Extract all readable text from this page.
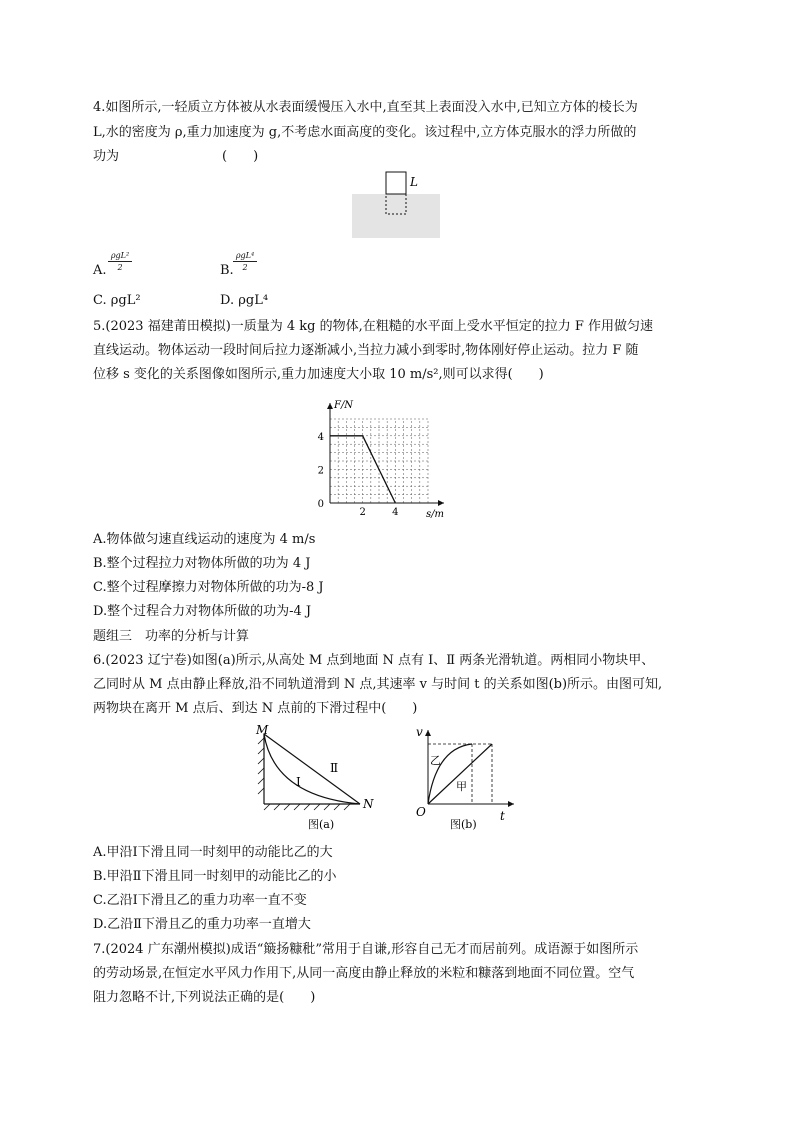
4.如图所示,一轻质立方体被从水表面缓慢压入水中,直至其上表面没入水中,已知立方体的棱长为
L,水的密度为 ρ,重力加速度为 g,不考虑水面高度的变化。该过程中,立方体克服水的浮力所做的
功为	(　　)
L
A.
ρgL²
2	B.
ρgL⁴
2
C. ρgL²	D. ρgL⁴
5.(2023 福建莆田模拟)一质量为 4 kg 的物体,在粗糙的水平面上受水平恒定的拉力 F 作用做匀速
直线运动。物体运动一段时间后拉力逐渐减小,当拉力减小到零时,物体刚好停止运动。拉力 F 随
位移 s 变化的关系图像如图所示,重力加速度大小取 10 m/s²,则可以求得(　　)
s/m
F/N
2	4
0
2
4
A.物体做匀速直线运动的速度为 4 m/s
B.整个过程拉力对物体所做的功为 4 J
C.整个过程摩擦力对物体所做的功为-8 J
D.整个过程合力对物体所做的功为-4 J
题组三　功率的分析与计算
6.(2023 辽宁卷)如图(a)所示,从高处 M 点到地面 N 点有 Ⅰ、Ⅱ 两条光滑轨道。两相同小物块甲、
乙同时从 M 点由静止释放,沿不同轨道滑到 N 点,其速率 v 与时间 t 的关系如图(b)所示。由图可知,
两物块在离开 M 点后、到达 N 点前的下滑过程中(　　)
M
N
Ⅰ
Ⅱ
图(a)
v
t
O
乙
甲
图(b)
A.甲沿Ⅰ下滑且同一时刻甲的动能比乙的大
B.甲沿Ⅱ下滑且同一时刻甲的动能比乙的小
C.乙沿Ⅰ下滑且乙的重力功率一直不变
D.乙沿Ⅱ下滑且乙的重力功率一直增大
7.(2024 广东潮州模拟)成语“簸扬糠秕”常用于自谦,形容自己无才而居前列。成语源于如图所示
的劳动场景,在恒定水平风力作用下,从同一高度由静止释放的米粒和糠落到地面不同位置。空气
阻力忽略不计,下列说法正确的是(　　)
